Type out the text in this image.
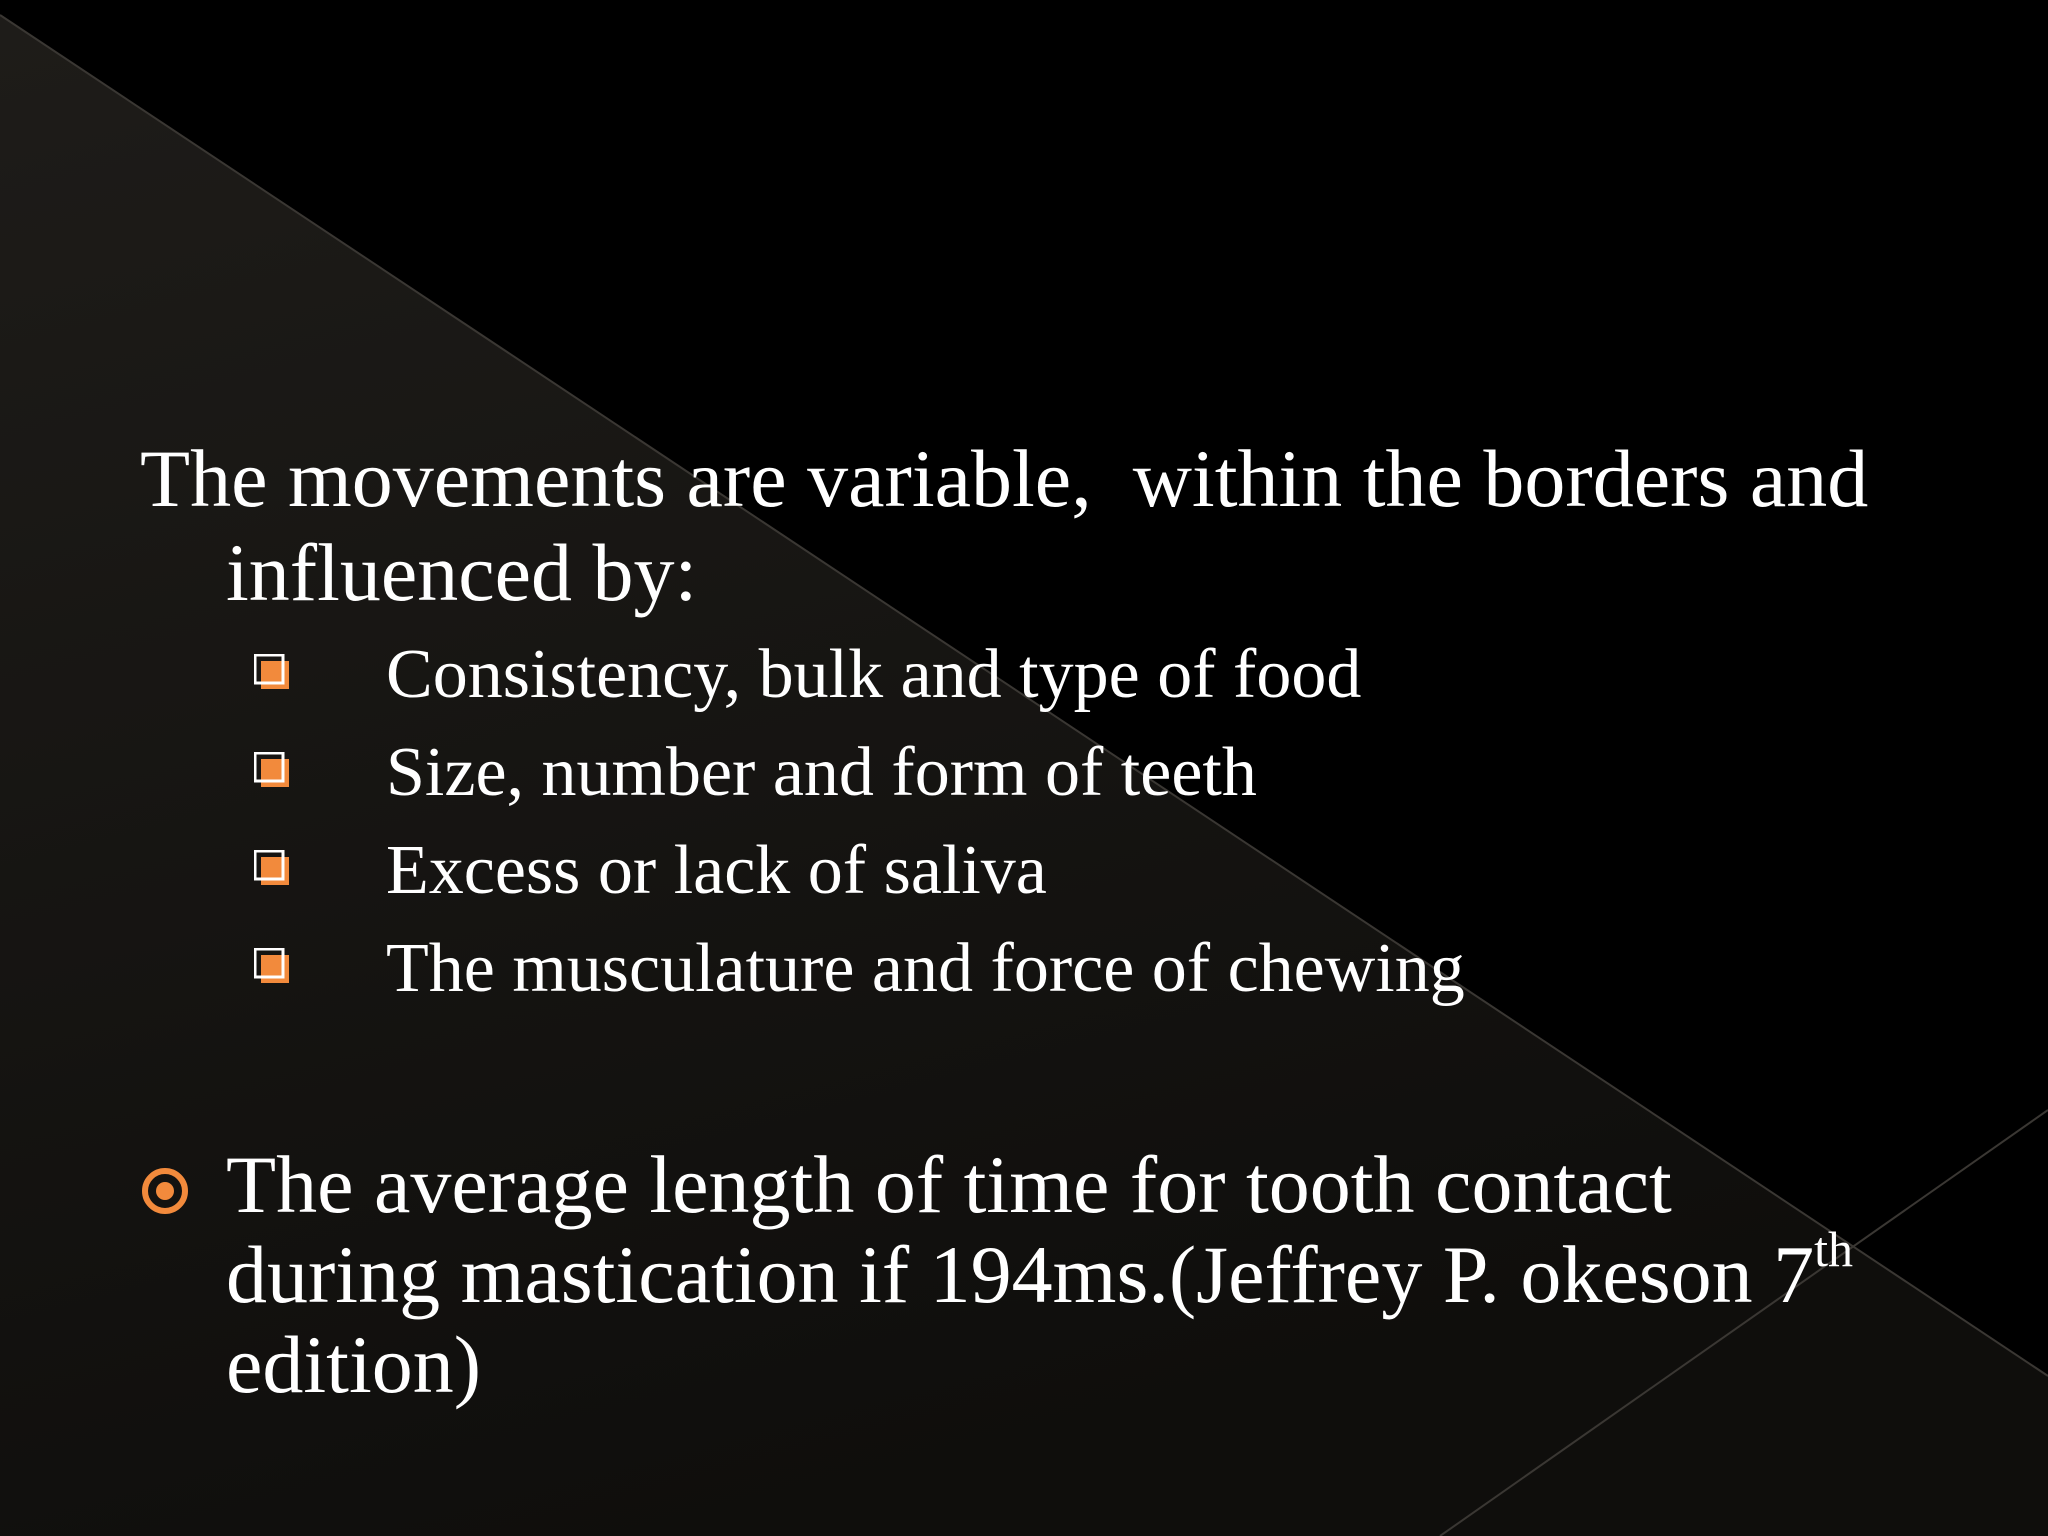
The movements are variable,  within the borders and influenced by:
Consistency, bulk and type of food
Size, number and form of teeth
Excess or lack of saliva
The musculature and force of chewing
The average length of time for tooth contact
during mastication if 194ms.(Jeffrey P. okeson 7th
edition)
